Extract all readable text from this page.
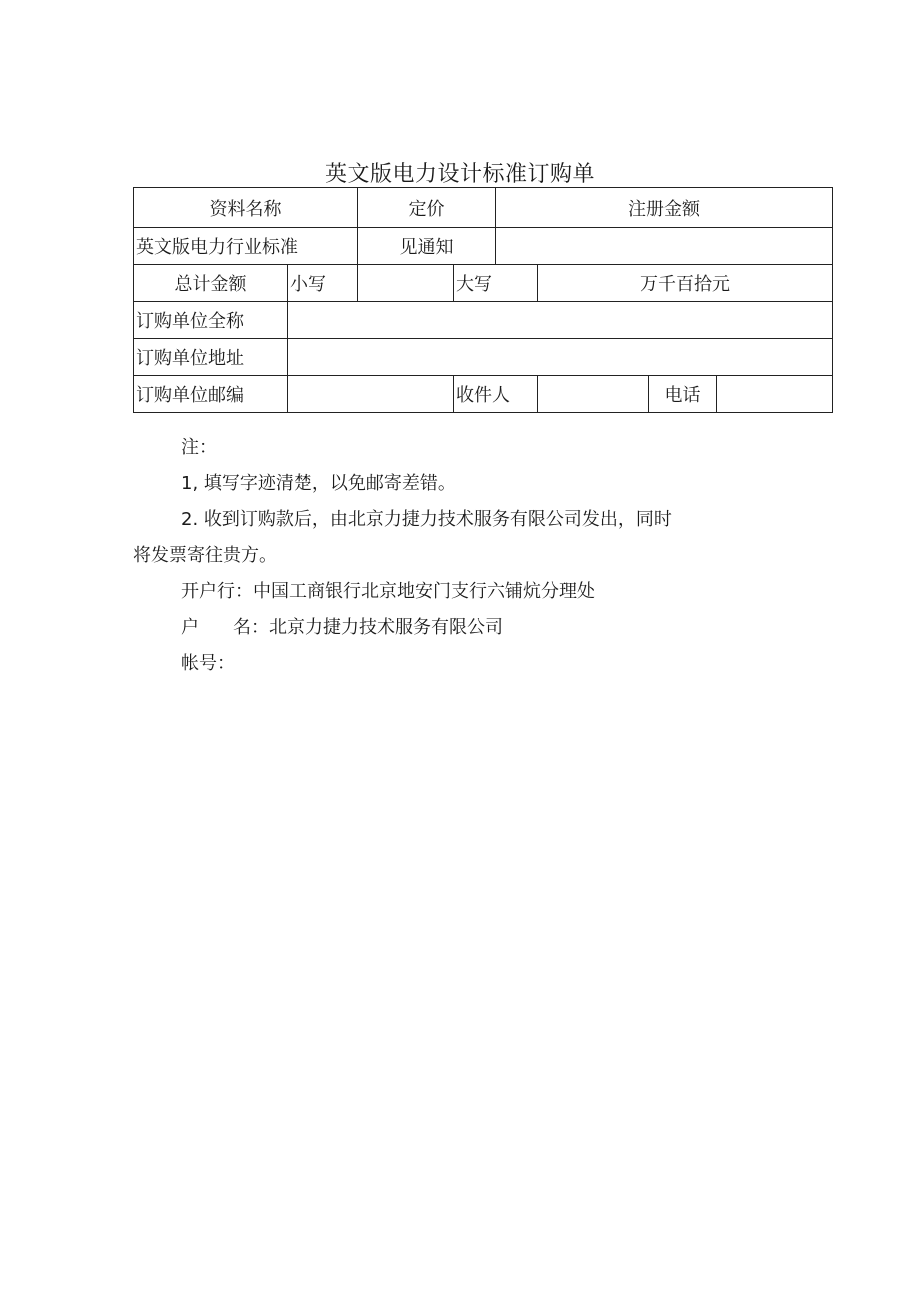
英文版电力设计标准订购单
资料名称		定价		注册金额			
英文版电力行业标准		见通知					
总计金额	小写		大写		万千百拾元		
订购单位全称							
订购单位地址							
订购单位邮编			收件人			电话	

注：

1, 填写字迹清楚，以免邮寄差错。

2. 收到订购款后，由北京力捷力技术服务有限公司发出，同时

将发票寄往贵方。

开户行：中国工商银行北京地安门支行六铺炕分理处

户 名：北京力捷力技术服务有限公司

帐号：
